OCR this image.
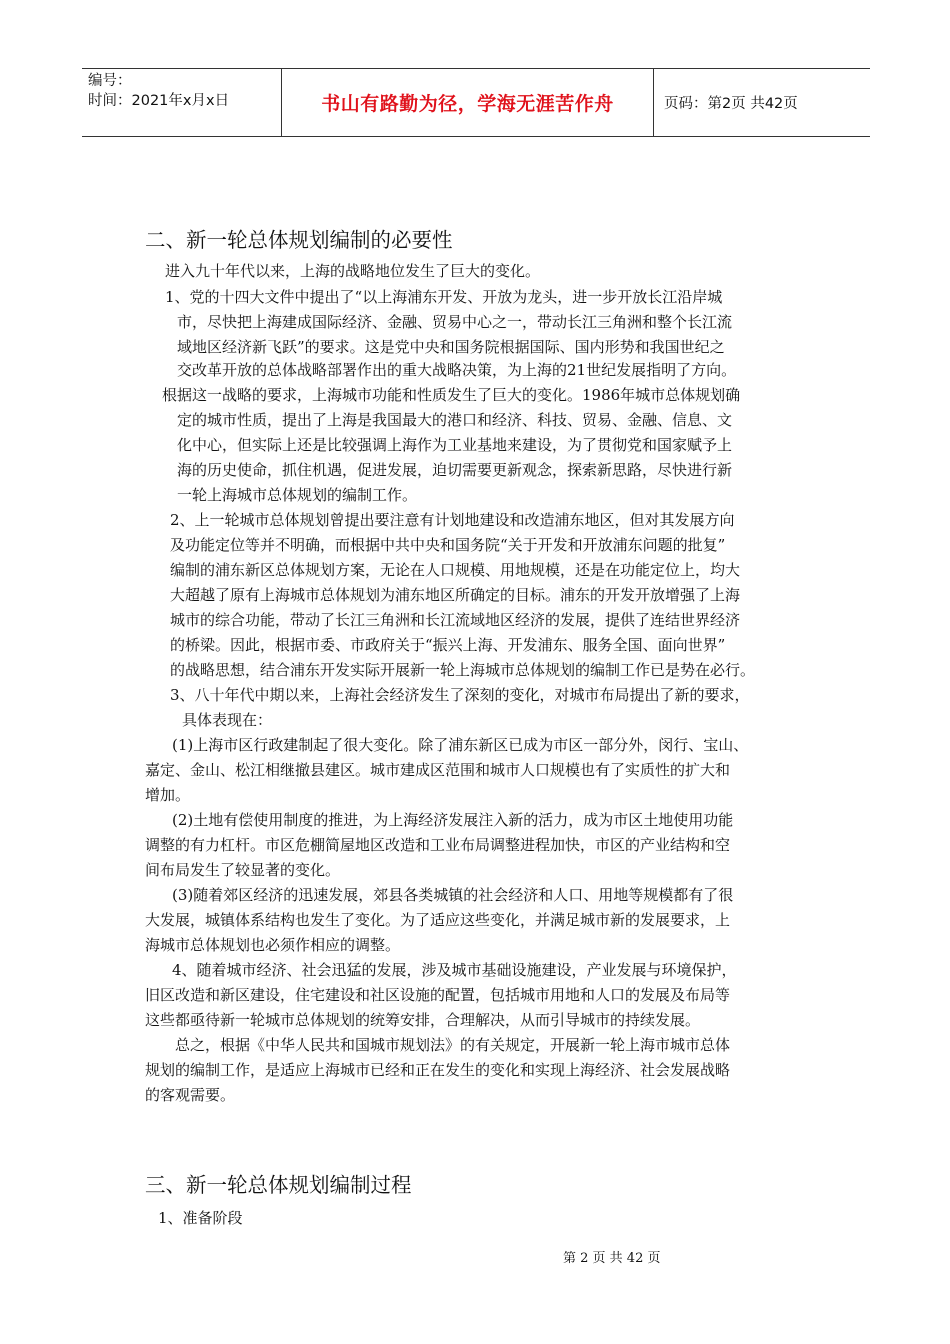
编号：
时间：2021年x月x日	书山有路勤为径，学海无涯苦作舟	页码：第2页 共42页
二、新一轮总体规划编制的必要性
进入九十年代以来，上海的战略地位发生了巨大的变化。
1、党的十四大文件中提出了“以上海浦东开发、开放为龙头，进一步开放长江沿岸城
市，尽快把上海建成国际经济、金融、贸易中心之一，带动长江三角洲和整个长江流
域地区经济新飞跃”的要求。这是党中央和国务院根据国际、国内形势和我国世纪之
交改革开放的总体战略部署作出的重大战略决策，为上海的21世纪发展指明了方向。
根据这一战略的要求，上海城市功能和性质发生了巨大的变化。1986年城市总体规划确
定的城市性质，提出了上海是我国最大的港口和经济、科技、贸易、金融、信息、文
化中心，但实际上还是比较强调上海作为工业基地来建设，为了贯彻党和国家赋予上
海的历史使命，抓住机遇，促进发展，迫切需要更新观念，探索新思路，尽快进行新
一轮上海城市总体规划的编制工作。
2、上一轮城市总体规划曾提出要注意有计划地建设和改造浦东地区，但对其发展方向
及功能定位等并不明确，而根据中共中央和国务院“关于开发和开放浦东问题的批复”
编制的浦东新区总体规划方案，无论在人口规模、用地规模，还是在功能定位上，均大
大超越了原有上海城市总体规划为浦东地区所确定的目标。浦东的开发开放增强了上海
城市的综合功能，带动了长江三角洲和长江流域地区经济的发展，提供了连结世界经济
的桥梁。因此，根据市委、市政府关于“振兴上海、开发浦东、服务全国、面向世界”
的战略思想，结合浦东开发实际开展新一轮上海城市总体规划的编制工作已是势在必行。
3、八十年代中期以来，上海社会经济发生了深刻的变化，对城市布局提出了新的要求，
具体表现在：
(1)上海市区行政建制起了很大变化。除了浦东新区已成为市区一部分外，闵行、宝山、
嘉定、金山、松江相继撤县建区。城市建成区范围和城市人口规模也有了实质性的扩大和
增加。
(2)土地有偿使用制度的推进，为上海经济发展注入新的活力，成为市区土地使用功能
调整的有力杠杆。市区危棚简屋地区改造和工业布局调整进程加快，市区的产业结构和空
间布局发生了较显著的变化。
(3)随着郊区经济的迅速发展，郊县各类城镇的社会经济和人口、用地等规模都有了很
大发展，城镇体系结构也发生了变化。为了适应这些变化，并满足城市新的发展要求，上
海城市总体规划也必须作相应的调整。
4、随着城市经济、社会迅猛的发展，涉及城市基础设施建设，产业发展与环境保护，
旧区改造和新区建设，住宅建设和社区设施的配置，包括城市用地和人口的发展及布局等
这些都亟待新一轮城市总体规划的统筹安排，合理解决，从而引导城市的持续发展。
总之，根据《中华人民共和国城市规划法》的有关规定，开展新一轮上海市城市总体
规划的编制工作，是适应上海城市已经和正在发生的变化和实现上海经济、社会发展战略
的客观需要。
三、新一轮总体规划编制过程
1、准备阶段
第 2 页 共 42 页
